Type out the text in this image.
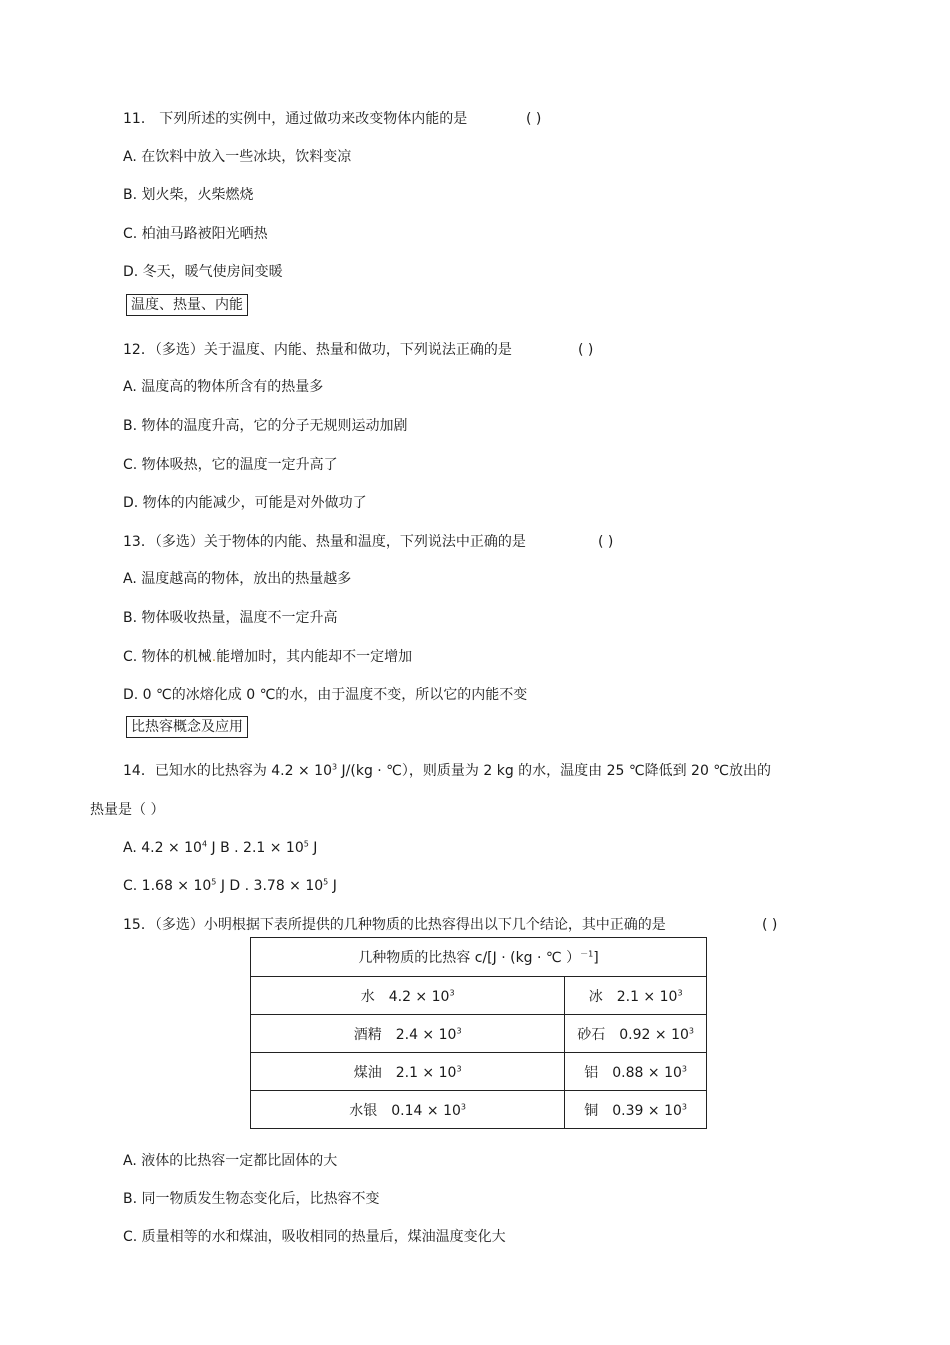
11． 下列所述的实例中，通过做功来改变物体内能的是	( )
A. 在饮料中放入一些冰块，饮料变凉
B. 划火柴，火柴燃烧
C. 柏油马路被阳光晒热
D. 冬天，暖气使房间变暖
温度、热量、内能
12．（多选）关于温度、内能、热量和做功，下列说法正确的是	( )
A. 温度高的物体所含有的热量多
B. 物体的温度升高，它的分子无规则运动加剧
C. 物体吸热，它的温度一定升高了
D. 物体的内能减少，可能是对外做功了
13．（多选）关于物体的内能、热量和温度，下列说法中正确的是	( )
A. 温度越高的物体，放出的热量越多
B. 物体吸收热量，温度不一定升高
C. 物体的机械.能增加时，其内能却不一定增加
D. 0 ℃的冰熔化成 0 ℃的水，由于温度不变，所以它的内能不变
比热容概念及应用
14．已知水的比热容为 $4.2 \times 10^3$ J/(kg · ℃），则质量为 2 kg 的水，温度由 25 ℃降低到 20 ℃放出的
热量是（ ）
A. $4.2 \times 10^4$ J B . $2.1 \times 10^5$ J
C. $1.68 \times 10^5$ J D . $3.78 \times 10^5$ J
15．（多选）小明根据下表所提供的几种物质的比热容得出以下几个结论，其中正确的是	( )
几种物质的比热容 c/[J · (kg · ℃ ）$^{-1}$]	
水 $4.2 \times 10^3$	冰 $2.1 \times 10^3$
酒精 $2.4 \times 10^3$	砂石 $0.92 \times 10^3$
煤油 $2.1 \times 10^3$	铝 $0.88 \times 10^3$
水银 $0.14 \times 10^3$	铜 $0.39 \times 10^3$
A. 液体的比热容一定都比固体的大
B. 同一物质发生物态变化后，比热容不变
C. 质量相等的水和煤油，吸收相同的热量后，煤油温度变化大
